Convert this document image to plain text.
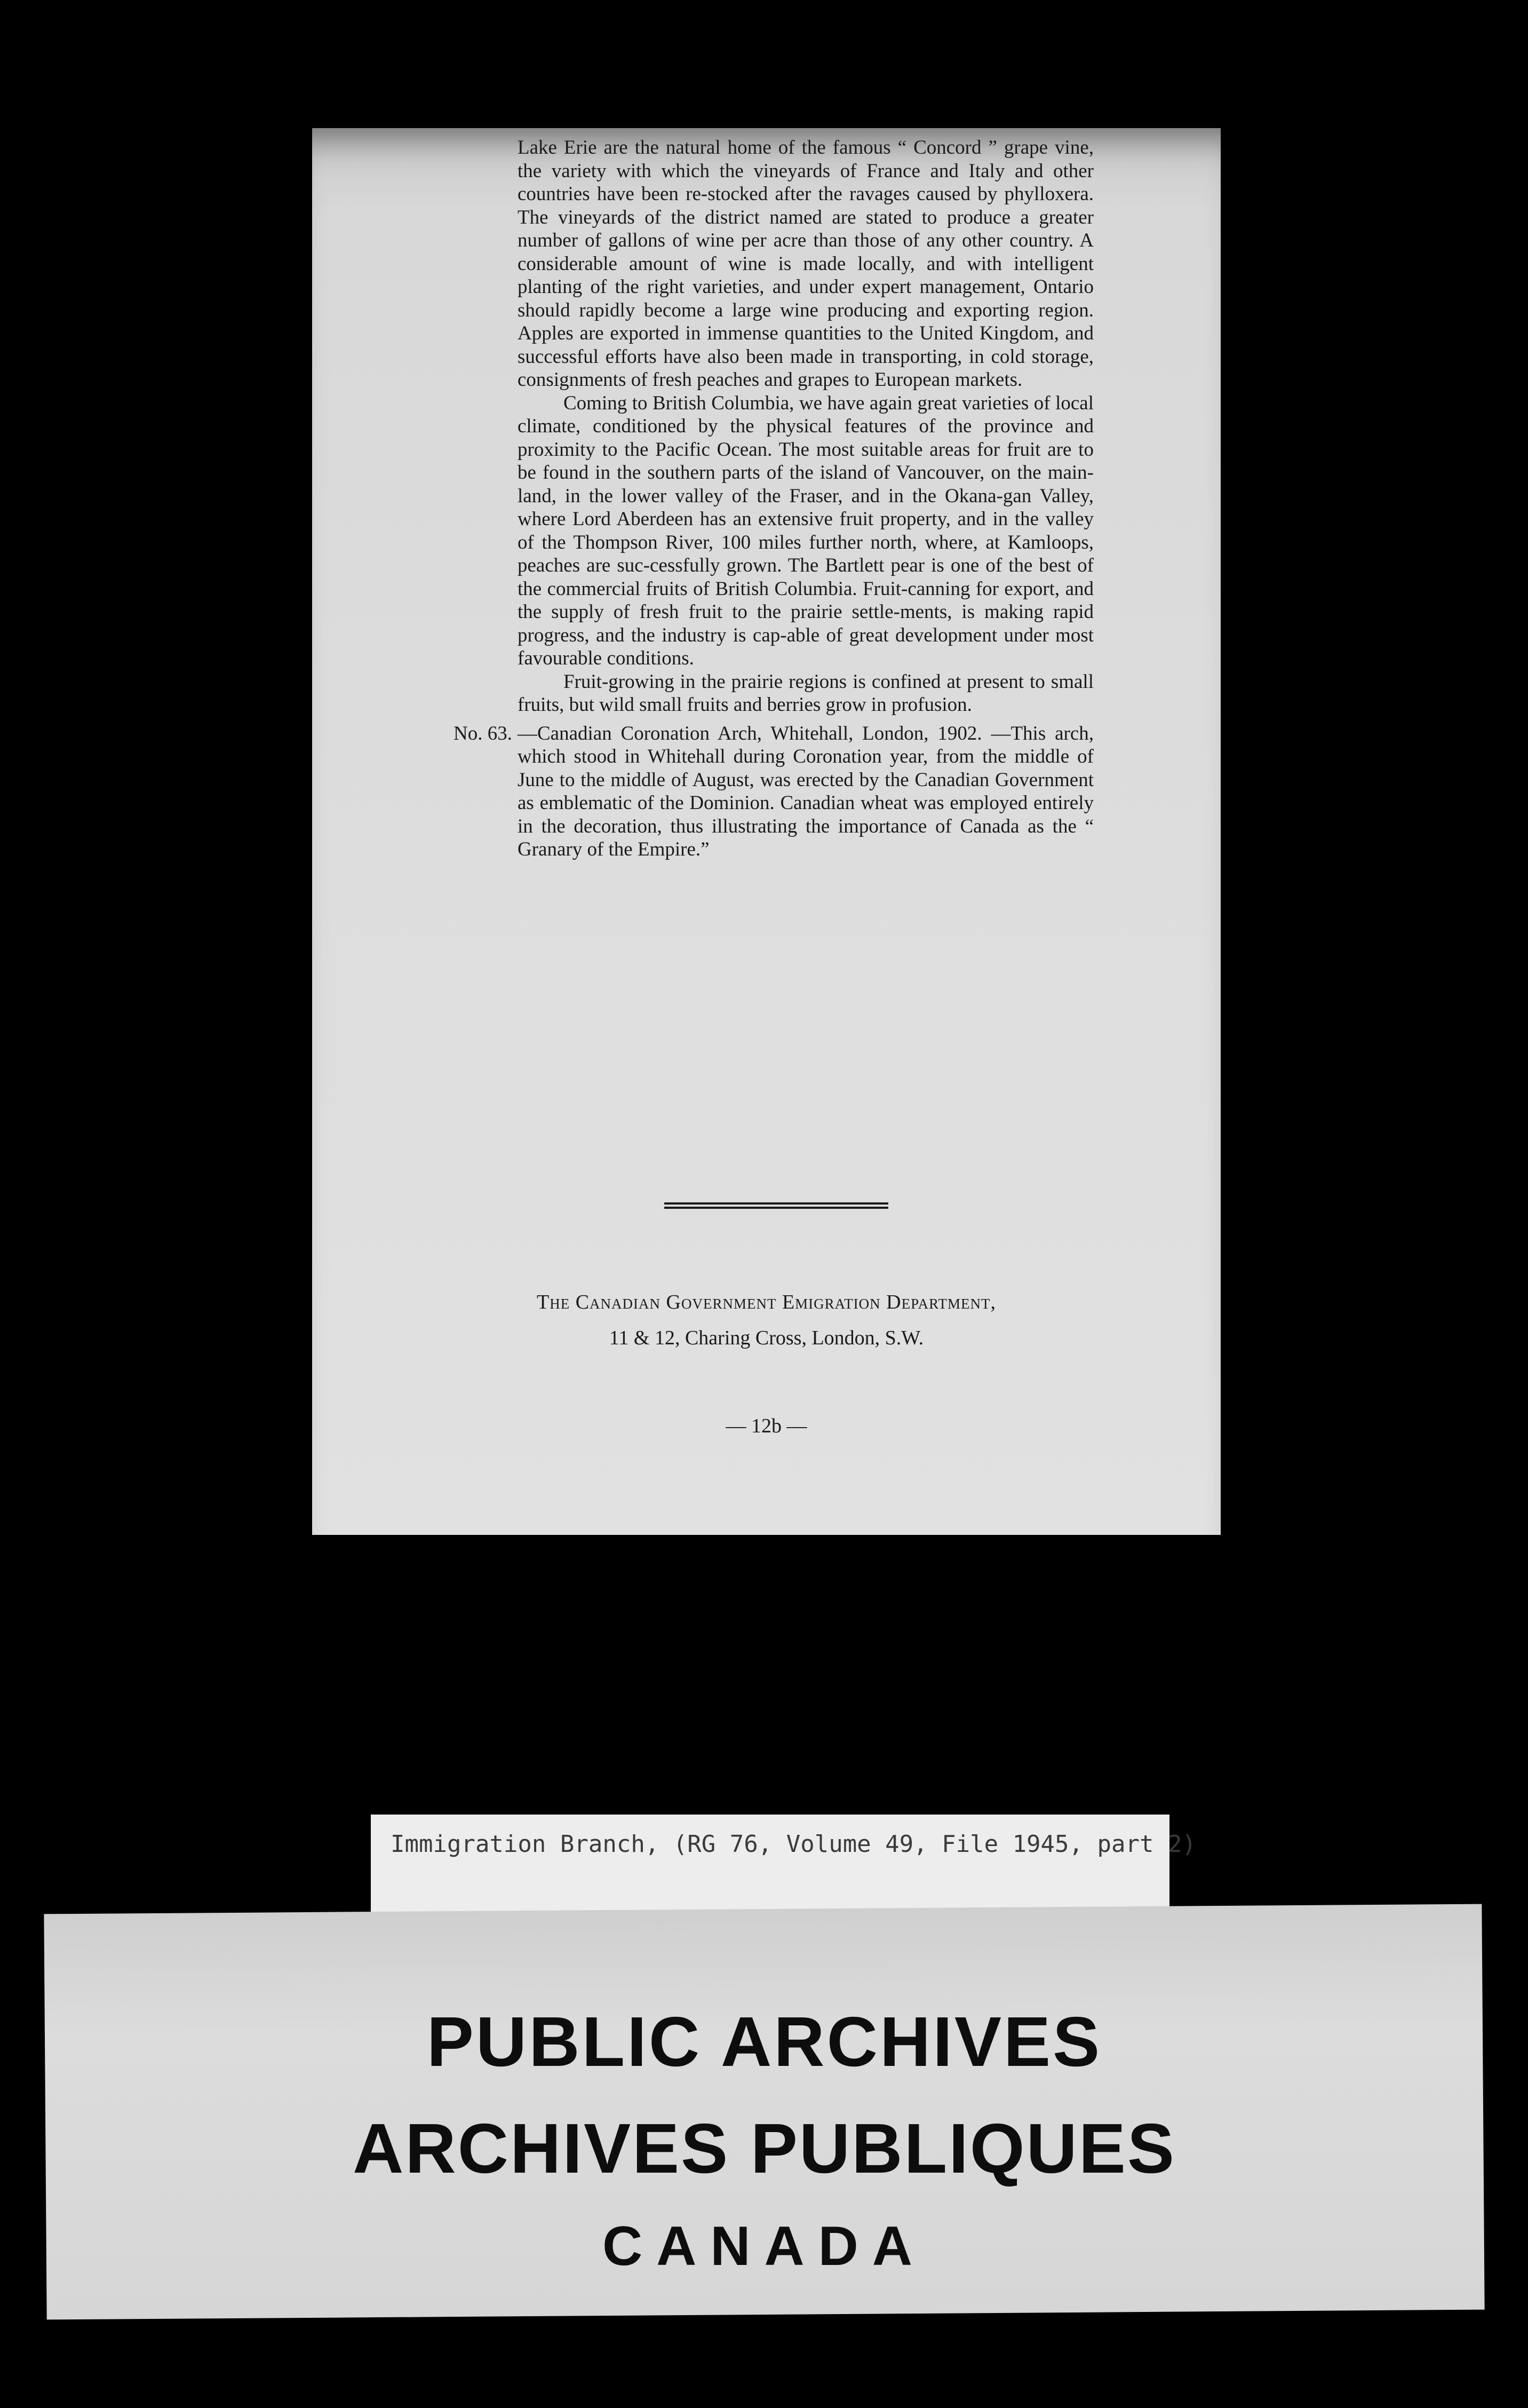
Lake Erie are the natural home of the famous “ Concord ” grape vine, the variety with which the vineyards of France and Italy and other countries have been re-stocked after the ravages caused by phylloxera. The vineyards of the district named are stated to produce a greater number of gallons of wine per acre than those of any other country. A considerable amount of wine is made locally, and with intelligent planting of the right varieties, and under expert management, Ontario should rapidly become a large wine producing and exporting region. Apples are exported in immense quantities to the United Kingdom, and successful efforts have also been made in transporting, in cold storage, consignments of fresh peaches and grapes to European markets.

Coming to British Columbia, we have again great varieties of local climate, conditioned by the physical features of the province and proximity to the Pacific Ocean. The most suitable areas for fruit are to be found in the southern parts of the island of Vancouver, on the main-land, in the lower valley of the Fraser, and in the Okana-gan Valley, where Lord Aberdeen has an extensive fruit property, and in the valley of the Thompson River, 100 miles further north, where, at Kamloops, peaches are suc-cessfully grown. The Bartlett pear is one of the best of the commercial fruits of British Columbia. Fruit-canning for export, and the supply of fresh fruit to the prairie settle-ments, is making rapid progress, and the industry is cap-able of great development under most favourable conditions.

Fruit-growing in the prairie regions is confined at present to small fruits, but wild small fruits and berries grow in profusion.

No. 63. —Canadian Coronation Arch, Whitehall, London, 1902. —This arch, which stood in Whitehall during Coronation year, from the middle of June to the middle of August, was erected by the Canadian Government as emblematic of the Dominion. Canadian wheat was employed entirely in the decoration, thus illustrating the importance of Canada as the “ Granary of the Empire.”
The Canadian Government Emigration Department,
11 & 12, Charing Cross, London, S.W.
— 12b —
Immigration Branch, (RG 76, Volume 49, File 1945, part 2)
PUBLIC ARCHIVES
ARCHIVES PUBLIQUES
CANADA
